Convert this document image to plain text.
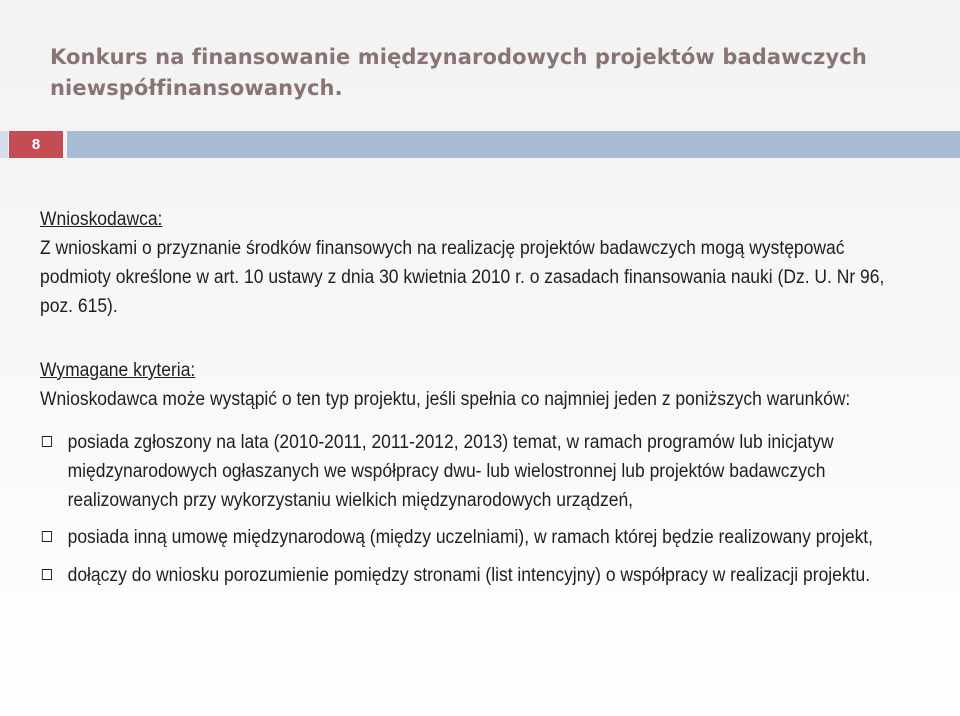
Konkurs na finansowanie międzynarodowych projektów badawczych niewspółfinansowanych.
8

Wnioskodawca:

Z wnioskami o przyznanie środków finansowych na realizację projektów badawczych mogą występować podmioty określone w art. 10 ustawy z dnia 30 kwietnia 2010 r. o zasadach finansowania nauki (Dz. U. Nr 96, poz. 615).

Wymagane kryteria:

Wnioskodawca może wystąpić o ten typ projektu, jeśli spełnia co najmniej jeden z poniższych warunków:

posiada zgłoszony na lata (2010-2011, 2011-2012, 2013) temat, w ramach programów lub inicjatyw międzynarodowych ogłaszanych we współpracy dwu- lub wielostronnej lub projektów badawczych realizowanych przy wykorzystaniu wielkich międzynarodowych urządzeń,
posiada inną umowę międzynarodową (między uczelniami), w ramach której będzie realizowany projekt,
dołączy do wniosku porozumienie pomiędzy stronami (list intencyjny) o współpracy w realizacji projektu.
